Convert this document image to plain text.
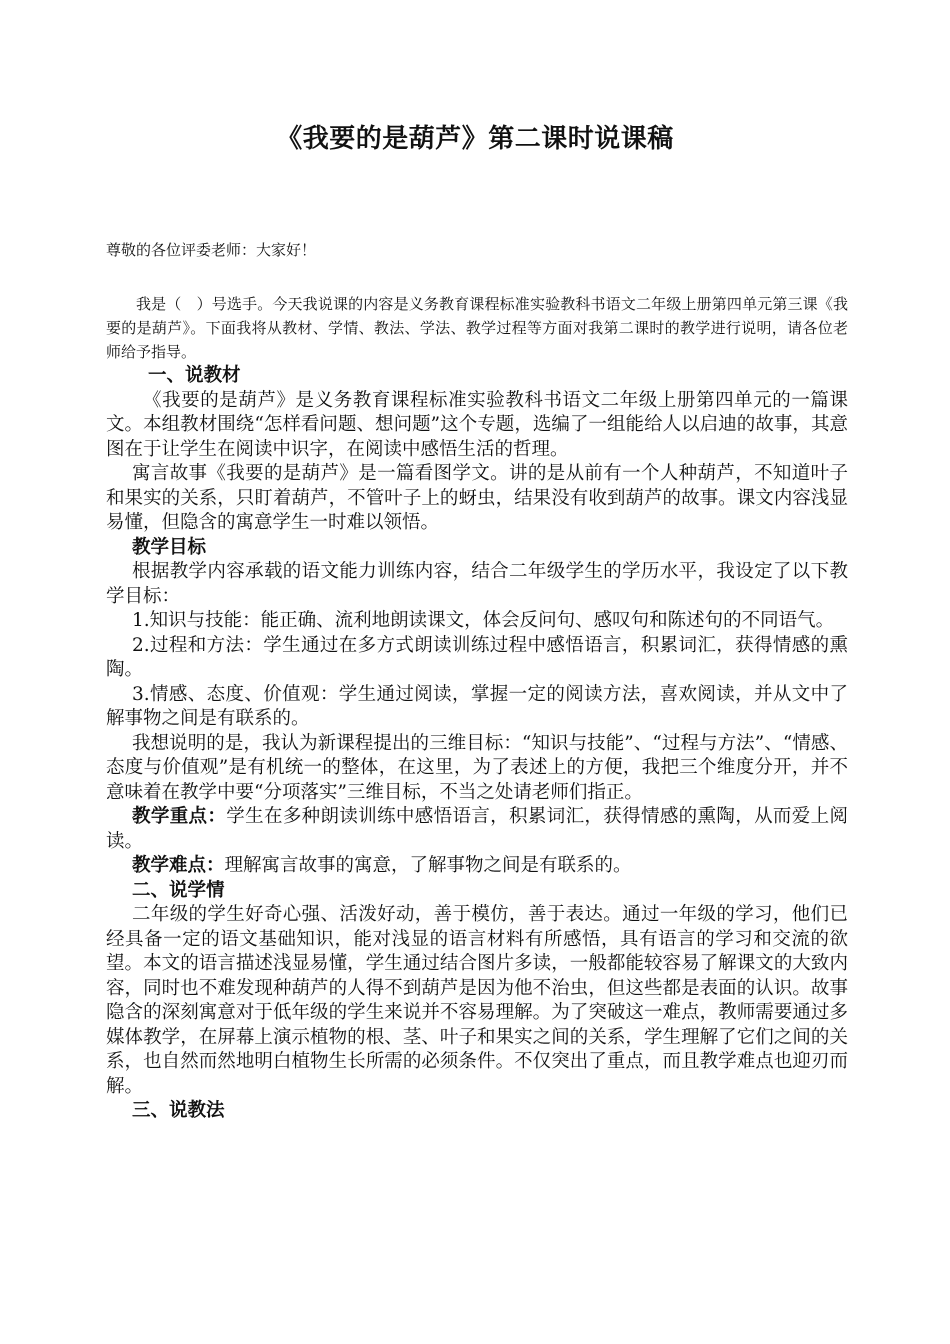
《我要的是葫芦》第二课时说课稿

尊敬的各位评委老师：大家好！

我是（　）号选手。今天我说课的内容是义务教育课程标准实验教科书语文二年级上册第四单元第三课《我要的是葫芦》。下面我将从教材、学情、教法、学法、教学过程等方面对我第二课时的教学进行说明，请各位老师给予指导。

一、说教材

《我要的是葫芦》是义务教育课程标准实验教科书语文二年级上册第四单元的一篇课文。本组教材围绕“怎样看问题、想问题”这个专题，选编了一组能给人以启迪的故事，其意图在于让学生在阅读中识字，在阅读中感悟生活的哲理。

寓言故事《我要的是葫芦》是一篇看图学文。讲的是从前有一个人种葫芦，不知道叶子和果实的关系，只盯着葫芦，不管叶子上的蚜虫，结果没有收到葫芦的故事。课文内容浅显易懂，但隐含的寓意学生一时难以领悟。

教学目标

根据教学内容承载的语文能力训练内容，结合二年级学生的学历水平，我设定了以下教学目标：

1.知识与技能：能正确、流利地朗读课文，体会反问句、感叹句和陈述句的不同语气。

2.过程和方法：学生通过在多方式朗读训练过程中感悟语言，积累词汇，获得情感的熏陶。

3.情感、态度、价值观：学生通过阅读，掌握一定的阅读方法，喜欢阅读，并从文中了解事物之间是有联系的。

我想说明的是，我认为新课程提出的三维目标：“知识与技能”、“过程与方法”、“情感、态度与价值观”是有机统一的整体，在这里，为了表述上的方便，我把三个维度分开，并不意味着在教学中要“分项落实”三维目标，不当之处请老师们指正。

教学重点：学生在多种朗读训练中感悟语言，积累词汇，获得情感的熏陶，从而爱上阅读。

教学难点：理解寓言故事的寓意，了解事物之间是有联系的。

二、说学情

二年级的学生好奇心强、活泼好动，善于模仿，善于表达。通过一年级的学习，他们已经具备一定的语文基础知识，能对浅显的语言材料有所感悟，具有语言的学习和交流的欲望。本文的语言描述浅显易懂，学生通过结合图片多读，一般都能较容易了解课文的大致内容，同时也不难发现种葫芦的人得不到葫芦是因为他不治虫，但这些都是表面的认识。故事隐含的深刻寓意对于低年级的学生来说并不容易理解。为了突破这一难点，教师需要通过多媒体教学，在屏幕上演示植物的根、茎、叶子和果实之间的关系，学生理解了它们之间的关系，也自然而然地明白植物生长所需的必须条件。不仅突出了重点，而且教学难点也迎刃而解。

三、说教法
